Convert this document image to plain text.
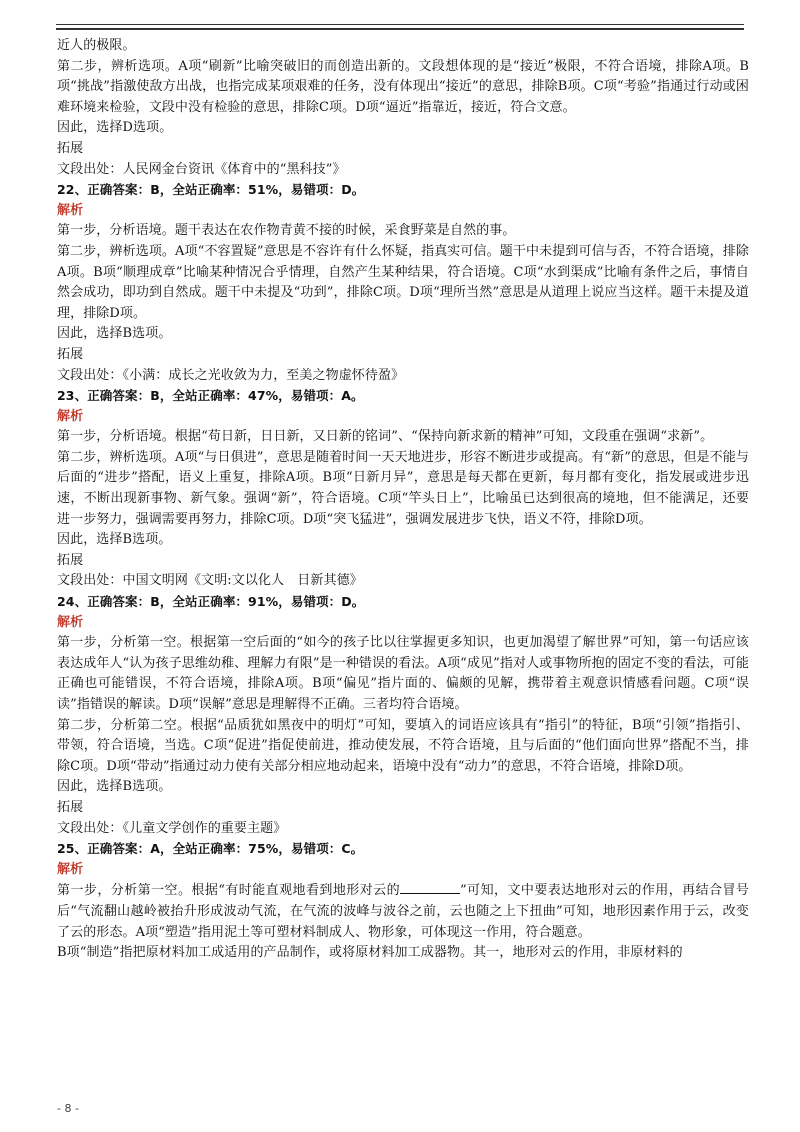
近人的极限。

第二步，辨析选项。A项“刷新”比喻突破旧的而创造出新的。文段想体现的是“接近”极限，不符合语境，排除A项。B项“挑战”指激使敌方出战，也指完成某项艰难的任务，没有体现出“接近”的意思，排除B项。C项“考验”指通过行动或困难环境来检验，文段中没有检验的意思，排除C项。D项“逼近”指靠近，接近，符合文意。

因此，选择D选项。

拓展

文段出处：人民网金台资讯《体育中的“黑科技”》

22、正确答案：B，全站正确率：51%，易错项：D。

解析

第一步，分析语境。题干表达在农作物青黄不接的时候，采食野菜是自然的事。

第二步，辨析选项。A项“不容置疑”意思是不容许有什么怀疑，指真实可信。题干中未提到可信与否，不符合语境，排除A项。B项“顺理成章”比喻某种情况合乎情理，自然产生某种结果，符合语境。C项“水到渠成”比喻有条件之后，事情自然会成功，即功到自然成。题干中未提及“功到”，排除C项。D项“理所当然”意思是从道理上说应当这样。题干未提及道理，排除D项。

因此，选择B选项。

拓展

文段出处：《小满：成长之光收敛为力，至美之物虚怀待盈》

23、正确答案：B，全站正确率：47%，易错项：A。

解析

第一步，分析语境。根据“苟日新，日日新，又日新的铭词”、“保持向新求新的精神”可知，文段重在强调“求新”。

第二步，辨析选项。A项“与日俱进”，意思是随着时间一天天地进步，形容不断进步或提高。有“新”的意思，但是不能与后面的“进步”搭配，语义上重复，排除A项。B项“日新月异”，意思是每天都在更新，每月都有变化，指发展或进步迅速，不断出现新事物、新气象。强调“新”，符合语境。C项“竿头日上”，比喻虽已达到很高的境地，但不能满足，还要进一步努力，强调需要再努力，排除C项。D项“突飞猛进”，强调发展进步飞快，语义不符，排除D项。

因此，选择B选项。

拓展

文段出处：中国文明网《文明:文以化人　日新其德》

24、正确答案：B，全站正确率：91%，易错项：D。

解析

第一步，分析第一空。根据第一空后面的“如今的孩子比以往掌握更多知识，也更加渴望了解世界”可知，第一句话应该表达成年人“认为孩子思维幼稚、理解力有限”是一种错误的看法。A项“成见”指对人或事物所抱的固定不变的看法，可能正确也可能错误，不符合语境，排除A项。B项“偏见”指片面的、偏颇的见解，携带着主观意识情感看问题。C项“误读”指错误的解读。D项“误解”意思是理解得不正确。三者均符合语境。

第二步，分析第二空。根据“品质犹如黑夜中的明灯”可知，要填入的词语应该具有“指引”的特征，B项“引领”指指引、带领，符合语境，当选。C项“促进”指促使前进，推动使发展，不符合语境，且与后面的“他们面向世界”搭配不当，排除C项。D项“带动”指通过动力使有关部分相应地动起来，语境中没有“动力”的意思，不符合语境，排除D项。

因此，选择B选项。

拓展

文段出处：《儿童文学创作的重要主题》

25、正确答案：A，全站正确率：75%，易错项：C。

解析

第一步，分析第一空。根据“有时能直观地看到地形对云的	”可知，文中要表达地形对云的作用，再结合冒号后“气流翻山越岭被抬升形成波动气流，在气流的波峰与波谷之前，云也随之上下扭曲”可知，地形因素作用于云，改变了云的形态。A项“塑造”指用泥土等可塑材料制成人、物形象，可体现这一作用，符合题意。

B项“制造”指把原材料加工成适用的产品制作，或将原材料加工成器物。其一，地形对云的作用，非原材料的

- 8 -
